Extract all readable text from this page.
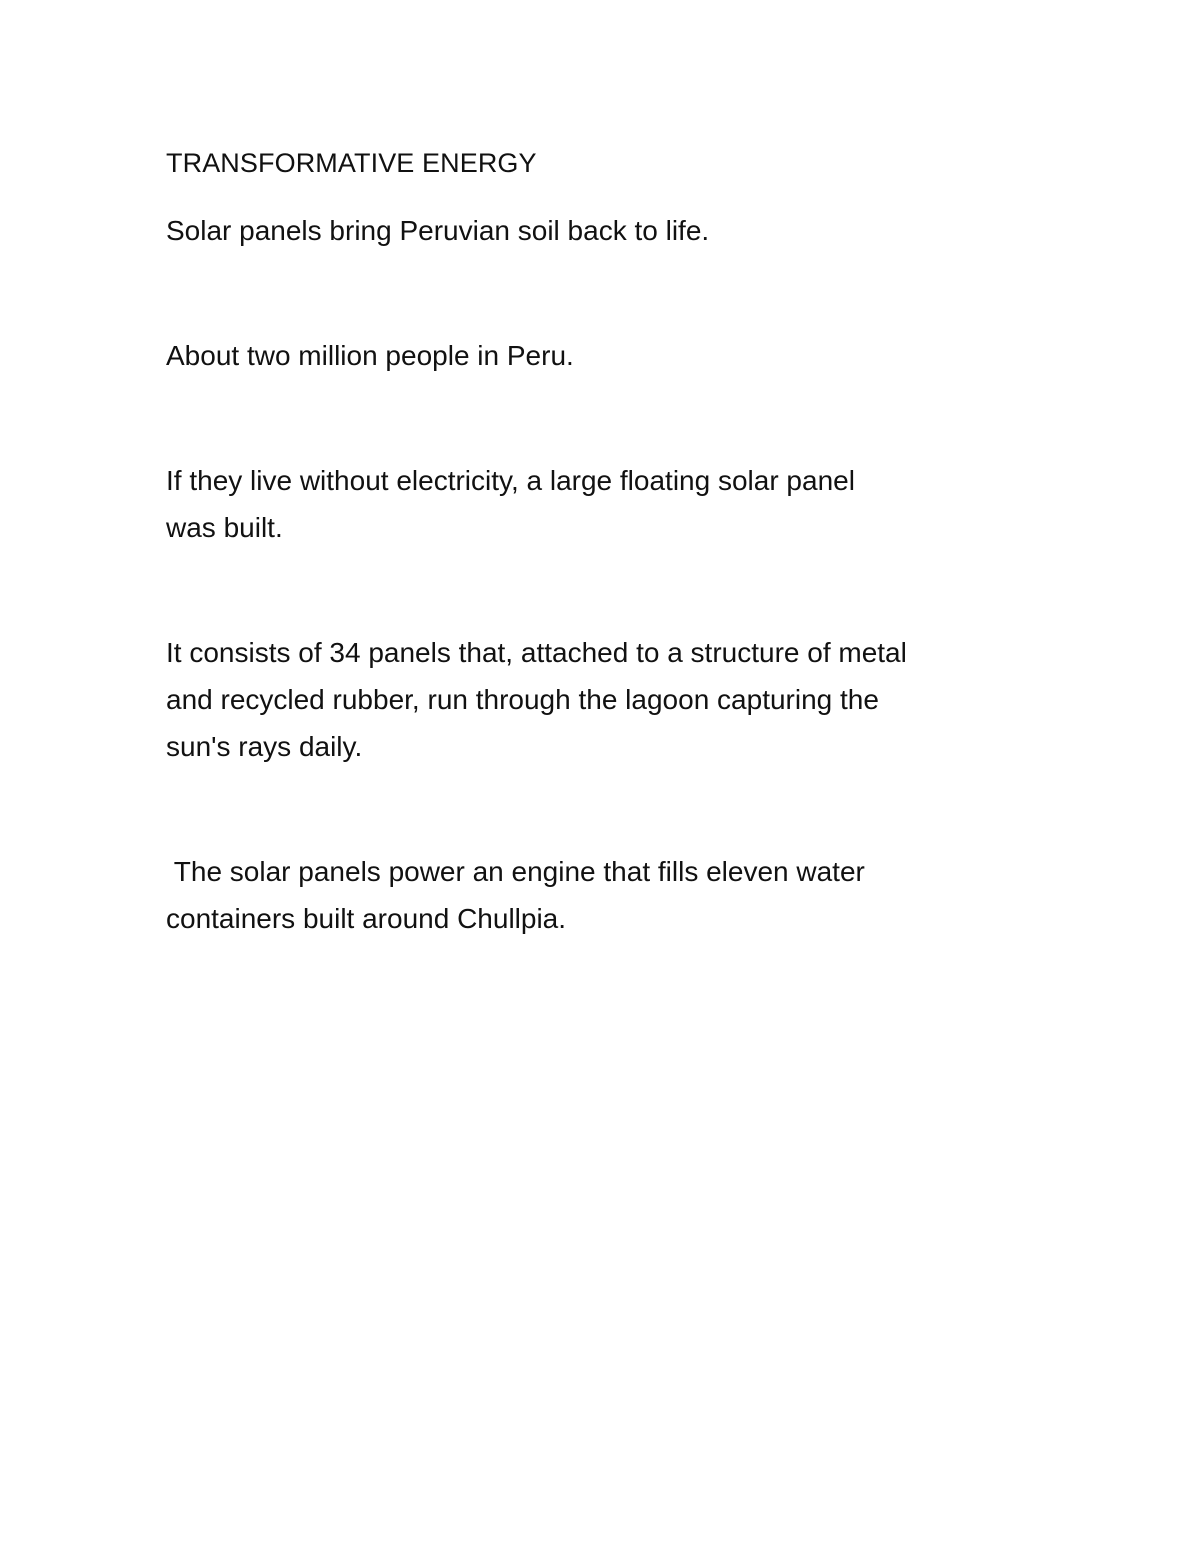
TRANSFORMATIVE ENERGY

Solar panels bring Peruvian soil back to life.

About two million people in Peru.

If they live without electricity, a large floating solar panel
was built.

It consists of 34 panels that, attached to a structure of metal
and recycled rubber, run through the lagoon capturing the
sun's rays daily.

The solar panels power an engine that fills eleven water
containers built around Chullpia.
